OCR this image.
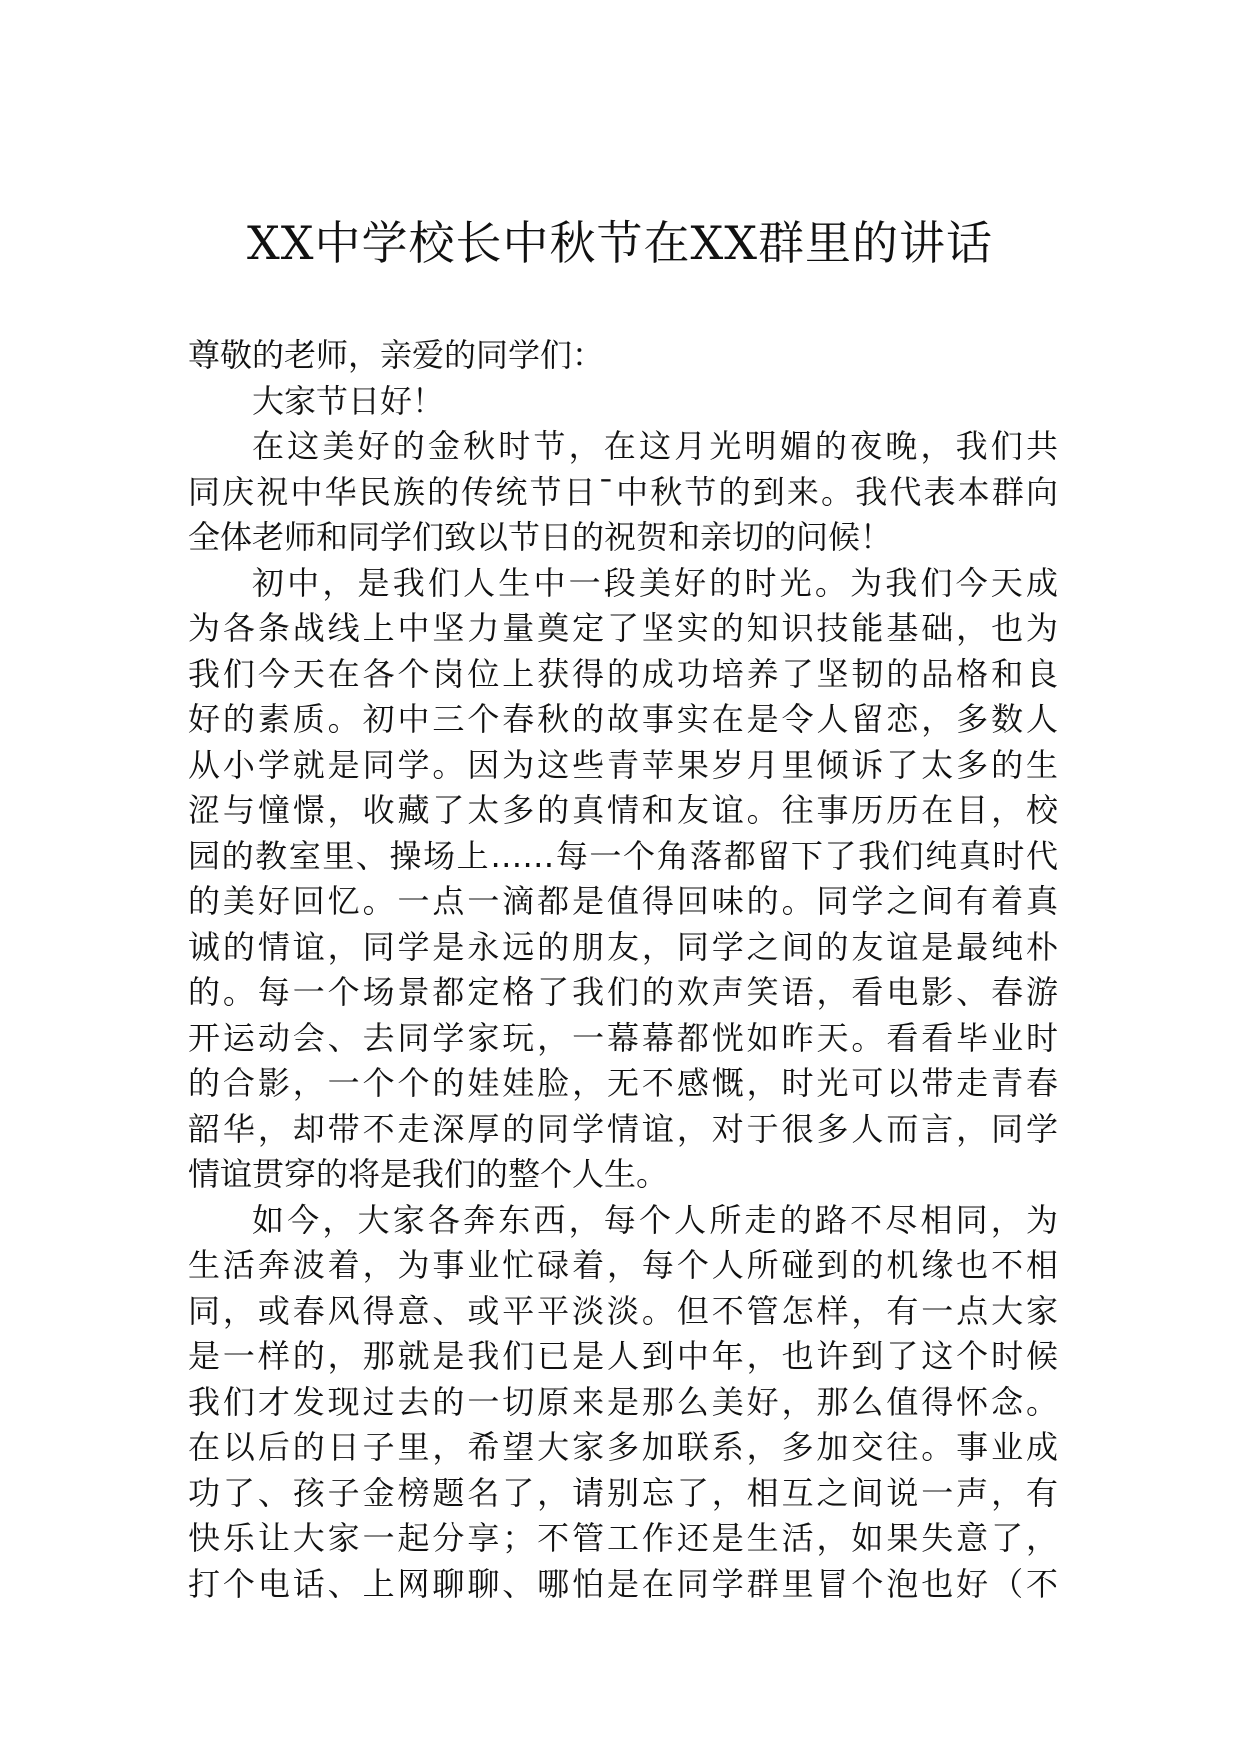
XX中学校长中秋节在XX群里的讲话
尊敬的老师，亲爱的同学们：
大家节日好！
在这美好的金秋时节，在这月光明媚的夜晚，我们共
同庆祝中华民族的传统节日¯中秋节的到来。我代表本群向
全体老师和同学们致以节日的祝贺和亲切的问候！
初中，是我们人生中一段美好的时光。为我们今天成
为各条战线上中坚力量奠定了坚实的知识技能基础，也为
我们今天在各个岗位上获得的成功培养了坚韧的品格和良
好的素质。初中三个春秋的故事实在是令人留恋，多数人
从小学就是同学。因为这些青苹果岁月里倾诉了太多的生
涩与憧憬，收藏了太多的真情和友谊。往事历历在目，校
园的教室里、操场上……每一个角落都留下了我们纯真时代
的美好回忆。一点一滴都是值得回味的。同学之间有着真
诚的情谊，同学是永远的朋友，同学之间的友谊是最纯朴
的。每一个场景都定格了我们的欢声笑语，看电影、春游
开运动会、去同学家玩，一幕幕都恍如昨天。看看毕业时
的合影，一个个的娃娃脸，无不感慨，时光可以带走青春
韶华，却带不走深厚的同学情谊，对于很多人而言，同学
情谊贯穿的将是我们的整个人生。
如今，大家各奔东西，每个人所走的路不尽相同，为
生活奔波着，为事业忙碌着，每个人所碰到的机缘也不相
同，或春风得意、或平平淡淡。但不管怎样，有一点大家
是一样的，那就是我们已是人到中年，也许到了这个时候
我们才发现过去的一切原来是那么美好，那么值得怀念。
在以后的日子里，希望大家多加联系，多加交往。事业成
功了、孩子金榜题名了，请别忘了，相互之间说一声，有
快乐让大家一起分享；不管工作还是生活，如果失意了，
打个电话、上网聊聊、哪怕是在同学群里冒个泡也好（不
